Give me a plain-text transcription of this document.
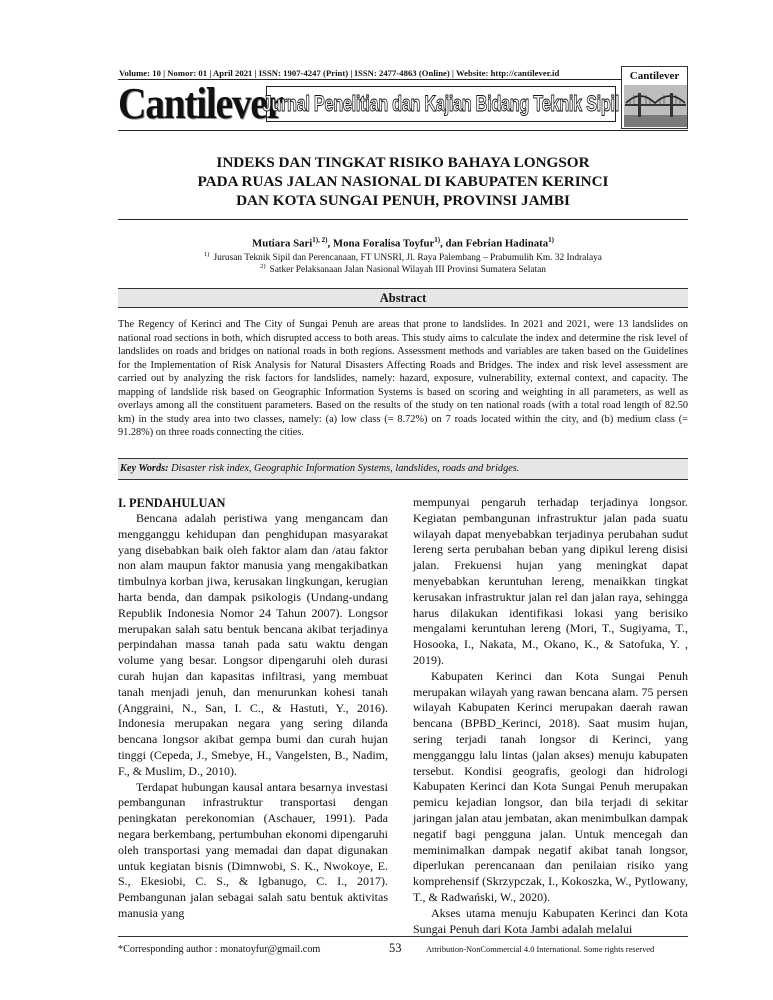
Volume: 10 | Nomor: 01 | April 2021 | ISSN: 1907-4247 (Print) | ISSN: 2477-4863 (Online) | Website: http://cantilever.id	Cantilever
Cantilever
Jurnal Penelitian dan Kajian Bidang Teknik Sipil
INDEKS DAN TINGKAT RISIKO BAHAYA LONGSOR
PADA RUAS JALAN NASIONAL DI KABUPATEN KERINCI
DAN KOTA SUNGAI PENUH, PROVINSI JAMBI
Mutiara Sari$^{1), 2)}$, Mona Foralisa Toyfur$^{1)}$, dan Febrian Hadinata$^{1)}$
$^{1)}$ Jurusan Teknik Sipil dan Perencanaan, FT UNSRI, Jl. Raya Palembang – Prabumulih Km. 32 Indralaya
$^{2)}$ Satker Pelaksanaan Jalan Nasional Wilayah III Provinsi Sumatera Selatan
Abstract
The Regency of Kerinci and The City of Sungai Penuh are areas that prone to landslides. In 2021 and 2021, were 13 landslides on national road sections in both, which disrupted access to both areas. This study aims to calculate the index and determine the risk level of landslides on roads and bridges on national roads in both regions. Assessment methods and variables are taken based on the Guidelines for the Implementation of Risk Analysis for Natural Disasters Affecting Roads and Bridges. The index and risk level assessment are carried out by analyzing the risk factors for landslides, namely: hazard, exposure, vulnerability, external context, and capacity. The mapping of landslide risk based on Geographic Information Systems is based on scoring and weighting in all parameters, as well as overlays among all the constituent parameters. Based on the results of the study on ten national roads (with a total road length of 82.50 km) in the study area into two classes, namely: (a) low class (= 8.72%) on 7 roads located within the city, and (b) medium class (= 91.28%) on three roads connecting the cities.
Key Words: Disaster risk index, Geographic Information Systems, landslides, roads and bridges.
I. PENDAHULUAN

Bencana adalah peristiwa yang mengancam dan mengganggu kehidupan dan penghidupan masyarakat yang disebabkan baik oleh faktor alam dan /atau faktor non alam maupun faktor manusia yang mengakibatkan timbulnya korban jiwa, kerusakan lingkungan, kerugian harta benda, dan dampak psikologis (Undang-undang Republik Indonesia Nomor 24 Tahun 2007). Longsor merupakan salah satu bentuk bencana akibat terjadinya perpindahan massa tanah pada satu waktu dengan volume yang besar. Longsor dipengaruhi oleh durasi curah hujan dan kapasitas infiltrasi, yang membuat tanah menjadi jenuh, dan menurunkan kohesi tanah (Anggraini, N., San, I. C., & Hastuti, Y., 2016). Indonesia merupakan negara yang sering dilanda bencana longsor akibat gempa bumi dan curah hujan tinggi (Cepeda, J., Smebye, H., Vangelsten, B., Nadim, F., & Muslim, D., 2010).

Terdapat hubungan kausal antara besarnya investasi pembangunan infrastruktur transportasi dengan peningkatan perekonomian (Aschauer, 1991). Pada negara berkembang, pertumbuhan ekonomi dipengaruhi oleh transportasi yang memadai dan dapat digunakan untuk kegiatan bisnis (Dimnwobi, S. K., Nwokoye, E. S., Ekesiobi, C. S., & Igbanugo, C. I., 2017). Pembangunan jalan sebagai salah satu bentuk aktivitas manusia yang

mempunyai pengaruh terhadap terjadinya longsor. Kegiatan pembangunan infrastruktur jalan pada suatu wilayah dapat menyebabkan terjadinya perubahan sudut lereng serta perubahan beban yang dipikul lereng disisi jalan. Frekuensi hujan yang meningkat dapat menyebabkan keruntuhan lereng, menaikkan tingkat kerusakan infrastruktur jalan rel dan jalan raya, sehingga harus dilakukan identifikasi lokasi yang berisiko mengalami keruntuhan lereng (Mori, T., Sugiyama, T., Hosooka, I., Nakata, M., Okano, K., & Satofuka, Y. , 2019).

Kabupaten Kerinci dan Kota Sungai Penuh merupakan wilayah yang rawan bencana alam. 75 persen wilayah Kabupaten Kerinci merupakan daerah rawan bencana (BPBD_Kerinci, 2018). Saat musim hujan, sering terjadi tanah longsor di Kerinci, yang mengganggu lalu lintas (jalan akses) menuju kabupaten tersebut. Kondisi geografis, geologi dan hidrologi Kabupaten Kerinci dan Kota Sungai Penuh merupakan pemicu kejadian longsor, dan bila terjadi di sekitar jaringan jalan atau jembatan, akan menimbulkan dampak negatif bagi pengguna jalan. Untuk mencegah dan meminimalkan dampak negatif akibat tanah longsor, diperlukan perencanaan dan penilaian risiko yang komprehensif (Skrzypczak, I., Kokoszka, W., Pytlowany, T., & Radwański, W., 2020).

Akses utama menuju Kabupaten Kerinci dan Kota Sungai Penuh dari Kota Jambi adalah melalui

*Corresponding author : monatoyfur@gmail.com	53	Attribution-NonCommercial 4.0 International. Some rights reserved
